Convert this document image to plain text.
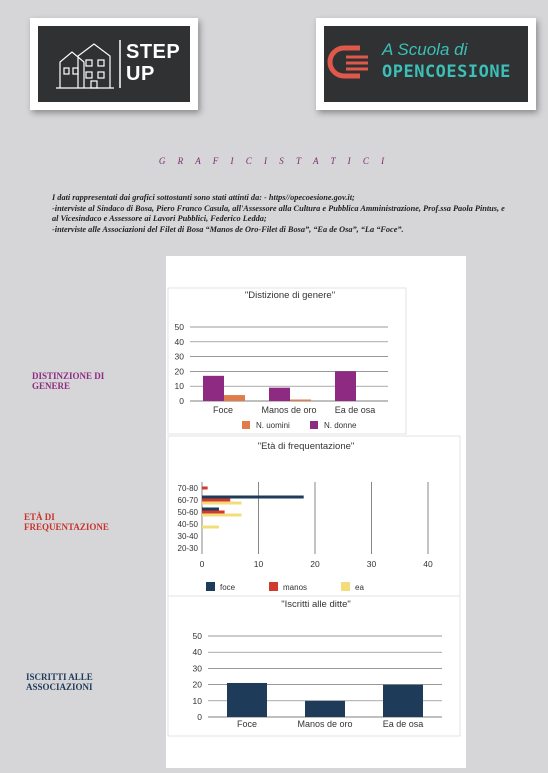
STEP
UP
A Scuola di
OPENCOESIONE
G R A F I C I S T A T I C I

I dati rappresentati dai grafici sottostanti sono stati attinti da: - https//opecoesione.gov.it;

-interviste al Sindaco di Bosa, Piero Franco Casula, all'Assessore alla Cultura e Pubblica Amministrazione, Prof.ssa Paola Pintus, e al Vicesindaco e Assessore ai Lavori Pubblici, Federico Ledda;

-interviste alle Associazioni del Filet di Bosa “Manos de Oro-Filet di Bosa”, “Ea de Osa”, “La “Foce”.

DISTINZIONE DI GENERE
ETÀ DI FREQUENTAZIONE
ISCRITTI ALLE ASSOCIAZIONI
"Distizione di genere"
0
10
20
30
40
50
Foce	Manos de oro Ea de osa
N. uomini	N. donne
"Età di frequentazione"
0	10	20	30	40
20-30
30-40
40-50
50-60
60-70
70-80
foce	manos	ea
"Iscritti alle ditte"
0
10
20
30
40
50
Foce	Manos de oro	Ea de osa
